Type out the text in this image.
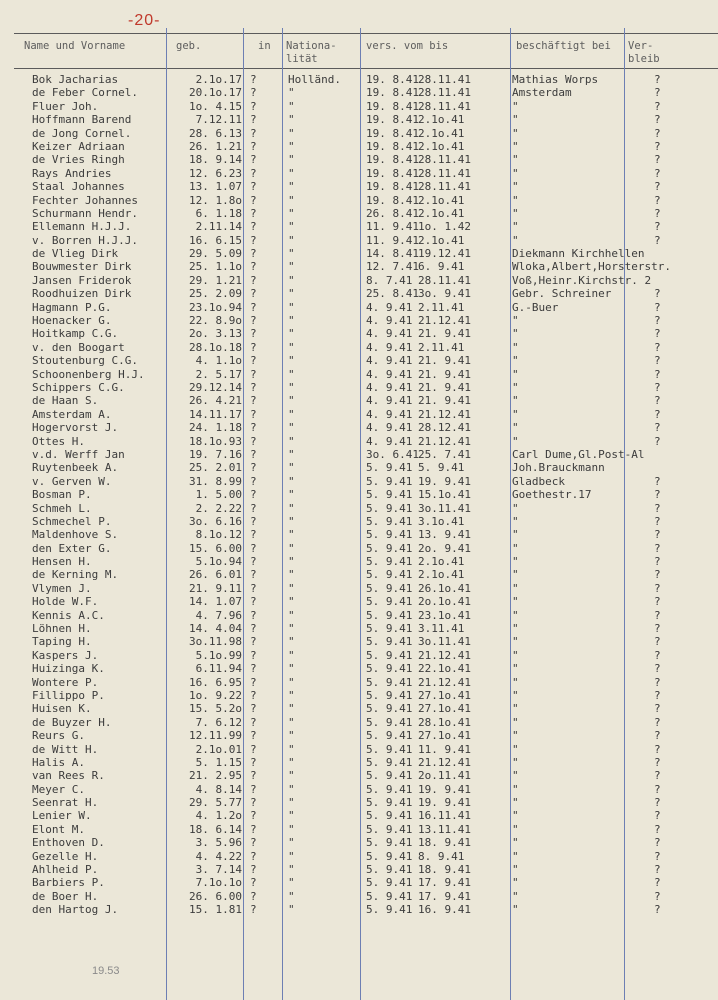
-20-
Name und Vorname	geb.	in Nationa-
lität
vers. vom bis	beschäftigt bei Ver-
bleib
Bok Jacharias	2.1o.17 ?	Holländ.	19. 8.41 28.11.41	Mathias Worps	?
de Feber Cornel.	20.1o.17 ?	"	19. 8.41 28.11.41	Amsterdam	?
Fluer Joh.	1o. 4.15 ?	"	19. 8.41 28.11.41	"	?
Hoffmann Barend	7.12.11 ?	"	19. 8.41 2.1o.41	"	?
de Jong Cornel.	28. 6.13 ?	"	19. 8.41 2.1o.41	"	?
Keizer Adriaan	26. 1.21 ?	"	19. 8.41 2.1o.41	"	?
de Vries Ringh	18. 9.14 ?	"	19. 8.41 28.11.41	"	?
Rays Andries	12. 6.23 ?	"	19. 8.41 28.11.41	"	?
Staal Johannes	13. 1.07 ?	"	19. 8.41 28.11.41	"	?
Fechter Johannes	12. 1.8o ?	"	19. 8.41 2.1o.41	"	?
Schurmann Hendr.	6. 1.18 ?	"	26. 8.41 2.1o.41	"	?
Ellemann H.J.J.	2.11.14 ?	"	11. 9.41 1o. 1.42	"	?
v. Borren H.J.J.	16. 6.15 ?	"	11. 9.41 2.1o.41	"	?
de Vlieg Dirk	29. 5.09 ?	"	14. 8.41 19.12.41	Diekmann Kirchhellen
Bouwmester Dirk	25. 1.1o ?	"	12. 7.41 6. 9.41	Wloka,Albert,Horsterstr.
Jansen Friderok	29. 1.21 ?	"	8. 7.41 28.11.41	Voß,Heinr.Kirchstr. 2
Roodhuizen Dirk	25. 2.09 ?	"	25. 8.41 3o. 9.41	Gebr. Schreiner	?
Hagmann P.G.	23.1o.94 ?	"	4. 9.41 2.11.41	G.-Buer	?
Hoenacker G.	22. 8.9o ?	"	4. 9.41 21.12.41	"	?
Hoitkamp C.G.	2o. 3.13 ?	"	4. 9.41 21. 9.41	"	?
v. den Boogart	28.1o.18 ?	"	4. 9.41 2.11.41	"	?
Stoutenburg C.G.	4. 1.1o ?	"	4. 9.41 21. 9.41	"	?
Schoonenberg H.J.	2. 5.17 ?	"	4. 9.41 21. 9.41	"	?
Schippers C.G.	29.12.14 ?	"	4. 9.41 21. 9.41	"	?
de Haan S.	26. 4.21 ?	"	4. 9.41 21. 9.41	"	?
Amsterdam A.	14.11.17 ?	"	4. 9.41 21.12.41	"	?
Hogervorst J.	24. 1.18 ?	"	4. 9.41 28.12.41	"	?
Ottes H.	18.1o.93 ?	"	4. 9.41 21.12.41	"	?
v.d. Werff Jan	19. 7.16 ?	"	3o. 6.41 25. 7.41	Carl Dume,Gl.Post-Al
Ruytenbeek A.	25. 2.01 ?	"	5. 9.41 5. 9.41	Joh.Brauckmann
v. Gerven W.	31. 8.99 ?	"	5. 9.41 19. 9.41	Gladbeck	?
Bosman P.	1. 5.00 ?	"	5. 9.41 15.1o.41	Goethestr.17	?
Schmeh L.	2. 2.22 ?	"	5. 9.41 3o.11.41	"	?
Schmechel P.	3o. 6.16 ?	"	5. 9.41 3.1o.41	"	?
Maldenhove S.	8.1o.12 ?	"	5. 9.41 13. 9.41	"	?
den Exter G.	15. 6.00 ?	"	5. 9.41 2o. 9.41	"	?
Hensen H.	5.1o.94 ?	"	5. 9.41 2.1o.41	"	?
de Kerning M.	26. 6.01 ?	"	5. 9.41 2.1o.41	"	?
Vlymen J.	21. 9.11 ?	"	5. 9.41 26.1o.41	"	?
Holde W.F.	14. 1.07 ?	"	5. 9.41 2o.1o.41	"	?
Kennis A.C.	4. 7.96 ?	"	5. 9.41 23.1o.41	"	?
Löhnen H.	14. 4.04 ?	"	5. 9.41 3.11.41	"	?
Taping H.	3o.11.98 ?	"	5. 9.41 3o.11.41	"	?
Kaspers J.	5.1o.99 ?	"	5. 9.41 21.12.41	"	?
Huizinga K.	6.11.94 ?	"	5. 9.41 22.1o.41	"	?
Wontere P.	16. 6.95 ?	"	5. 9.41 21.12.41	"	?
Fillippo P.	1o. 9.22 ?	"	5. 9.41 27.1o.41	"	?
Huisen K.	15. 5.2o ?	"	5. 9.41 27.1o.41	"	?
de Buyzer H.	7. 6.12 ?	"	5. 9.41 28.1o.41	"	?
Reurs G.	12.11.99 ?	"	5. 9.41 27.1o.41	"	?
de Witt H.	2.1o.01 ?	"	5. 9.41 11. 9.41	"	?
Halis A.	5. 1.15 ?	"	5. 9.41 21.12.41	"	?
van Rees R.	21. 2.95 ?	"	5. 9.41 2o.11.41	"	?
Meyer C.	4. 8.14 ?	"	5. 9.41 19. 9.41	"	?
Seenrat H.	29. 5.77 ?	"	5. 9.41 19. 9.41	"	?
Lenier W.	4. 1.2o ?	"	5. 9.41 16.11.41	"	?
Elont M.	18. 6.14 ?	"	5. 9.41 13.11.41	"	?
Enthoven D.	3. 5.96 ?	"	5. 9.41 18. 9.41	"	?
Gezelle H.	4. 4.22 ?	"	5. 9.41 8. 9.41	"	?
Ahlheid P.	3. 7.14 ?	"	5. 9.41 18. 9.41	"	?
Barbiers P.	7.1o.1o ?	"	5. 9.41 17. 9.41	"	?
de Boer H.	26. 6.00 ?	"	5. 9.41 17. 9.41	"	?
den Hartog J.	15. 1.81 ?	"	5. 9.41 16. 9.41	"	?
19.53
